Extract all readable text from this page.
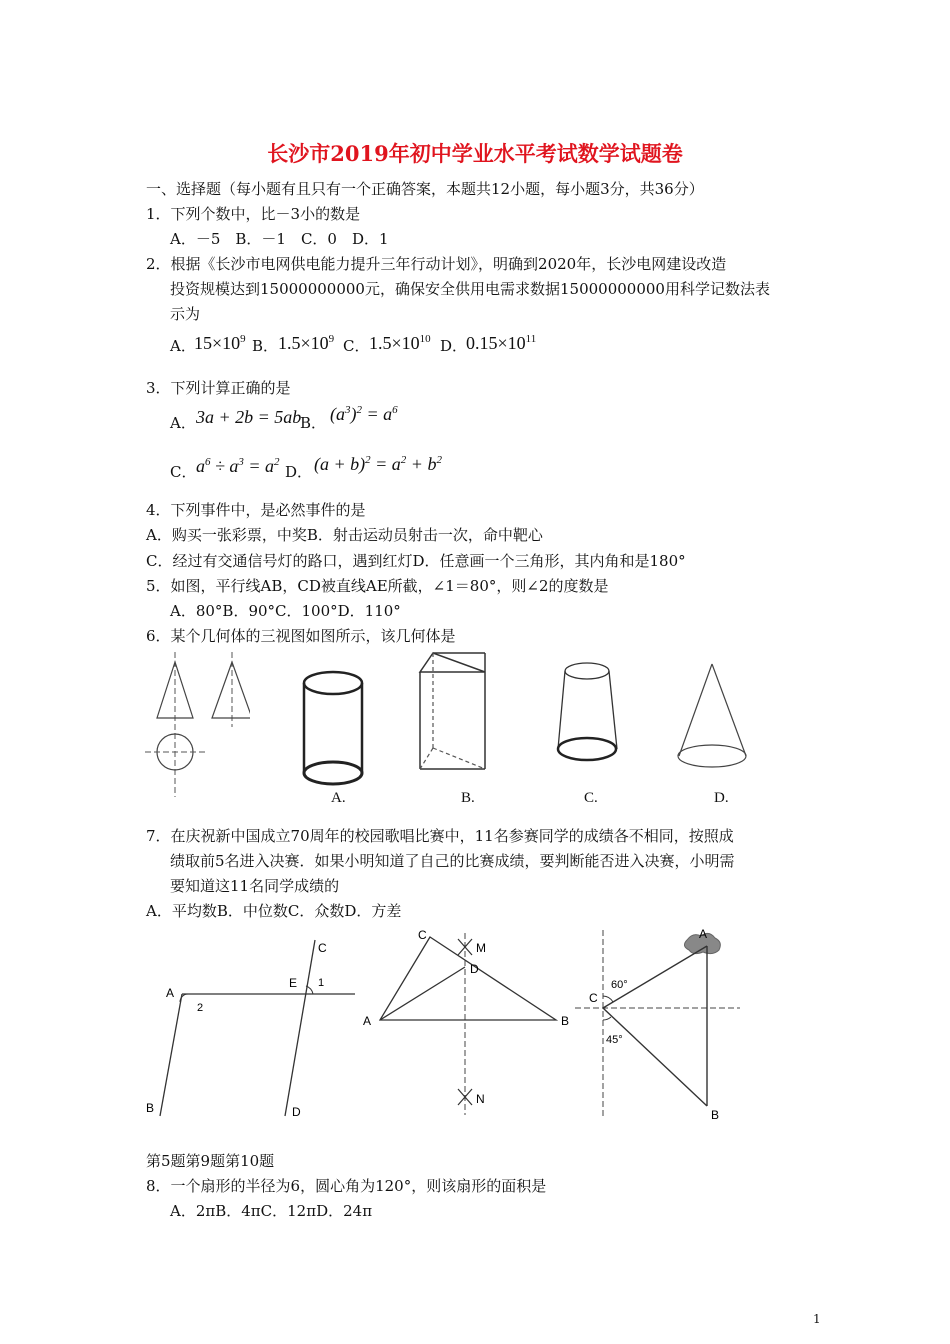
长沙市2019年初中学业水平考试数学试题卷
一、选择题（每小题有且只有一个正确答案，本题共12小题，每小题3分，共36分）
1．下列个数中，比－3小的数是
A．－5　B．－1　C．0　D．1
2．根据《长沙市电网供电能力提升三年行动计划》，明确到2020年，长沙电网建设改造
投资规模达到15000000000元，确保安全供用电需求数据15000000000用科学记数法表
示为
A．
$15\times 10^9$ B． $1.5\times 10^9$ C． $1.5\times 10^{10}$ D．
$0.15\times 10^{11}$
3．下列计算正确的是
A． 3a + 2b = 5ab
B． $(a^3)^2 = a^6$
C． $a^6 \div a^3 = a^2$
D． $(a + b)^2 = a^2 + b^2$
4．下列事件中，是必然事件的是
A．购买一张彩票，中奖B．射击运动员射击一次，命中靶心
C．经过有交通信号灯的路口，遇到红灯D．任意画一个三角形，其内角和是180°
5．如图，平行线AB，CD被直线AE所截，∠1＝80°，则∠2的度数是
A．80°B．90°C．100°D．110°
6．某个几何体的三视图如图所示，该几何体是
A.	B.	C.	D.
7．在庆祝新中国成立70周年的校园歌唱比赛中，11名参赛同学的成绩各不相同，按照成
绩取前5名进入决赛．如果小明知道了自己的比赛成绩，要判断能否进入决赛，小明需
要知道这11名同学成绩的
A．平均数B．中位数C．众数D．方差
A
B
C
D
E 1
2
A	B
C
D
M
N
A
B
C
60°
45°
第5题第9题第10题
8．一个扇形的半径为6，圆心角为120°，则该扇形的面积是
A．2πB．4πC．12πD．24π
1
